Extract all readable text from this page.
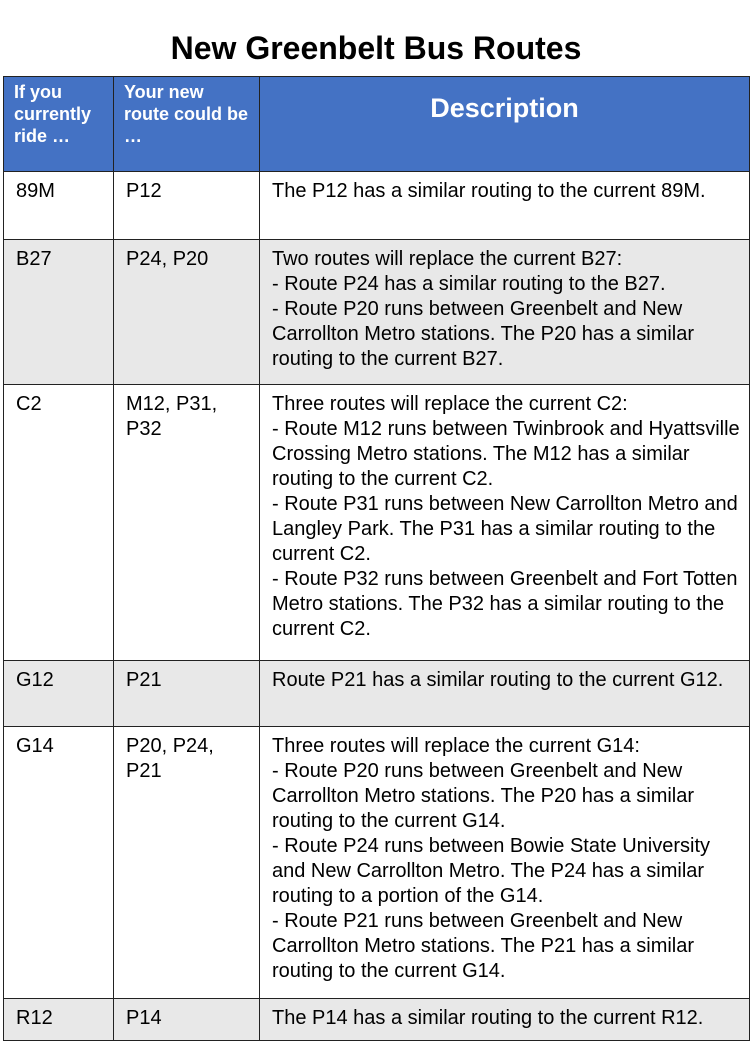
New Greenbelt Bus Routes
If you currently ride …	Your new route could be …	Description
89M	P12	The P12 has a similar routing to the current 89M.

B27	P24, P20	Two routes will replace the current B27:
- Route P24 has a similar routing to the B27.
- Route P20 runs between Greenbelt and New Carrollton Metro stations. The P20 has a similar routing to the current B27.

C2	M12, P31, P32	Three routes will replace the current C2:
- Route M12 runs between Twinbrook and Hyattsville Crossing Metro stations. The M12 has a similar routing to the current C2.
- Route P31 runs between New Carrollton Metro and Langley Park. The P31 has a similar routing to the current C2.
- Route P32 runs between Greenbelt and Fort Totten Metro stations. The P32 has a similar routing to the current C2.

G12	P21	Route P21 has a similar routing to the current G12.

G14	P20, P24, P21	Three routes will replace the current G14:
- Route P20 runs between Greenbelt and New Carrollton Metro stations. The P20 has a similar routing to the current G14.
- Route P24 runs between Bowie State University and New Carrollton Metro. The P24 has a similar routing to a portion of the G14.
- Route P21 runs between Greenbelt and New Carrollton Metro stations. The P21 has a similar routing to the current G14.

R12	P14	The P14 has a similar routing to the current R12.
